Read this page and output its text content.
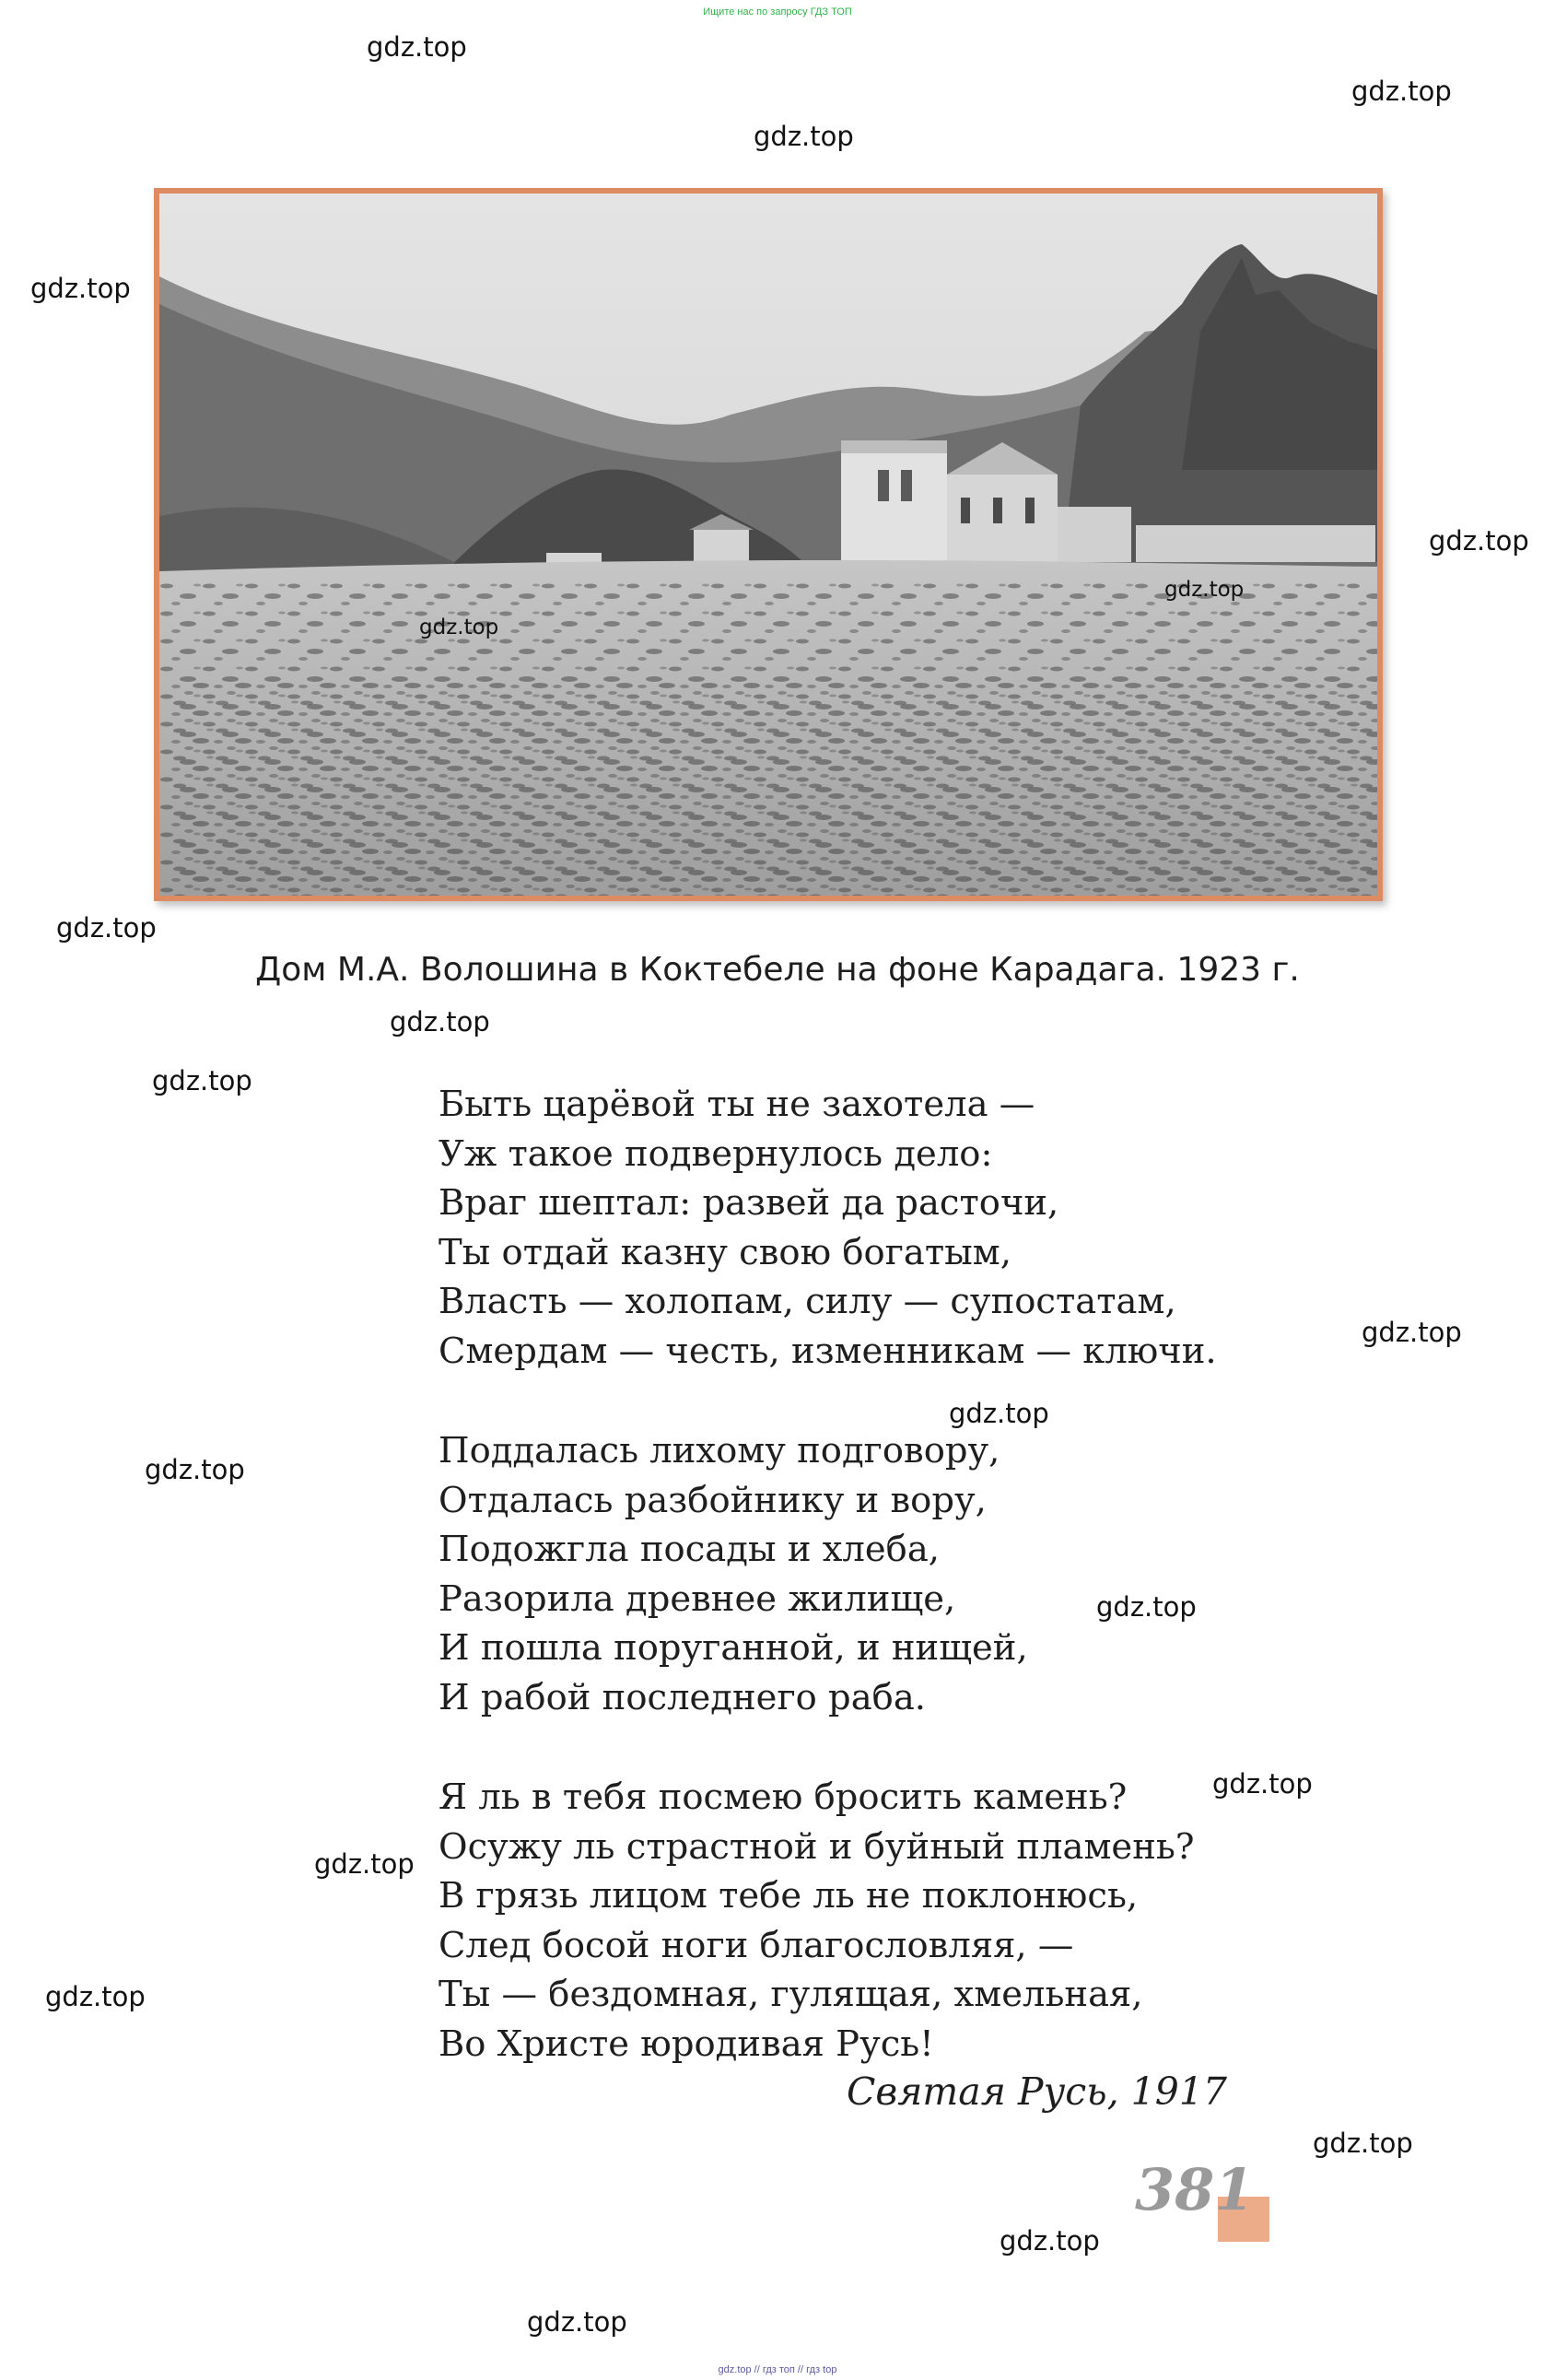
Ищите нас по запросу ГДЗ ТОП
gdz.top
gdz.top
gdz.top
gdz.top
gdz.top
gdz.top
gdz.top
gdz.top
Дом М.А. Волошина в Коктебеле на фоне Карадага. 1923 г.
gdz.top
gdz.top
gdz.top
gdz.top
gdz.top
gdz.top
gdz.top
gdz.top
gdz.top
gdz.top
gdz.top
gdz.top
Быть царёвой ты не захотела —
Уж такое подвернулось дело:
Враг шептал: развей да расточи,
Ты отдай казну свою богатым,
Власть — холопам, силу — супостатам,
Смердам — честь, изменникам — ключи.
Поддалась лихому подговору,
Отдалась разбойнику и вору,
Подожгла посады и хлеба,
Разорила древнее жилище,
И пошла поруганной, и нищей,
И рабой последнего раба.
Я ль в тебя посмею бросить камень?
Осужу ль страстной и буйный пламень?
В грязь лицом тебе ль не поклонюсь,
След босой ноги благословляя, —
Ты — бездомная, гулящая, хмельная,
Во Христе юродивая Русь!
Святая Русь, 1917
381
gdz.top // гдз топ // гдз top
